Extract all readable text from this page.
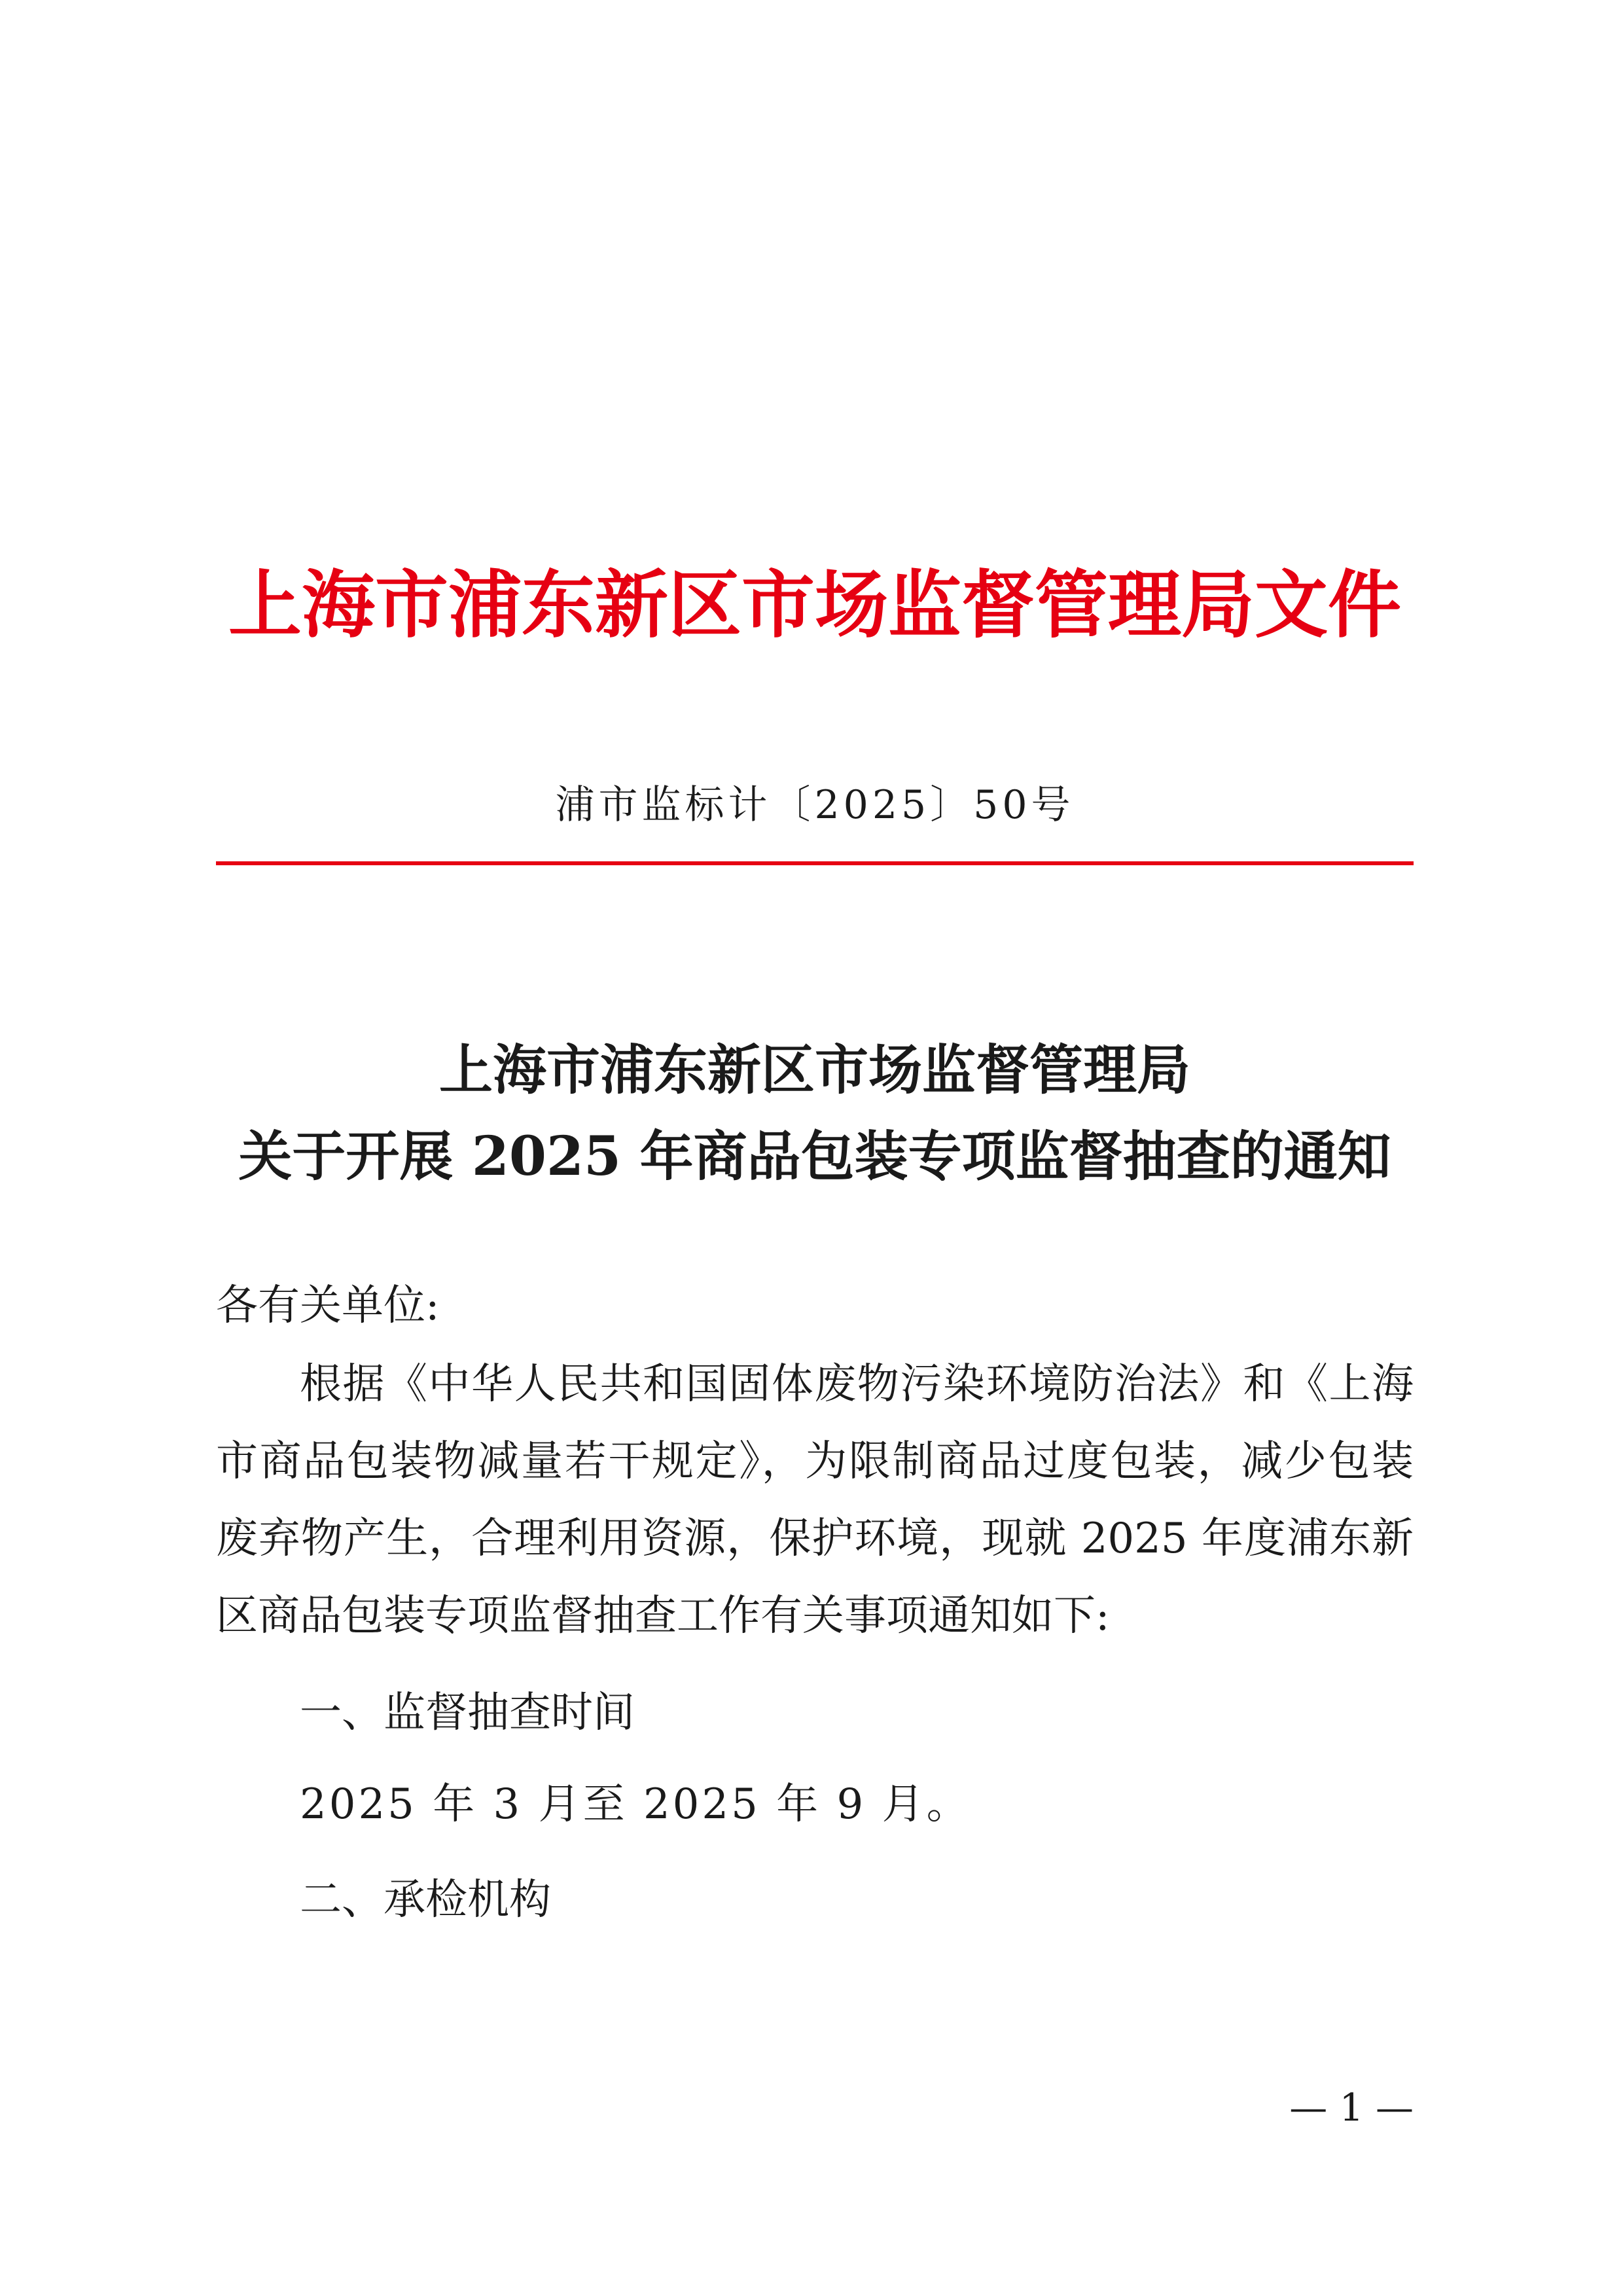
上海市浦东新区市场监督管理局文件
浦市监标计〔2025〕50号
上海市浦东新区市场监督管理局
关于开展 2025 年商品包装专项监督抽查的通知
各有关单位:
根据《中华人民共和国固体废物污染环境防治法》和《上海
市商品包装物减量若干规定》，为限制商品过度包装，减少包装
废弃物产生，合理利用资源，保护环境，现就 2025 年度浦东新
区商品包装专项监督抽查工作有关事项通知如下:
一、监督抽查时间
2025 年 3 月至 2025 年 9 月。
二、承检机构
— 1 —
